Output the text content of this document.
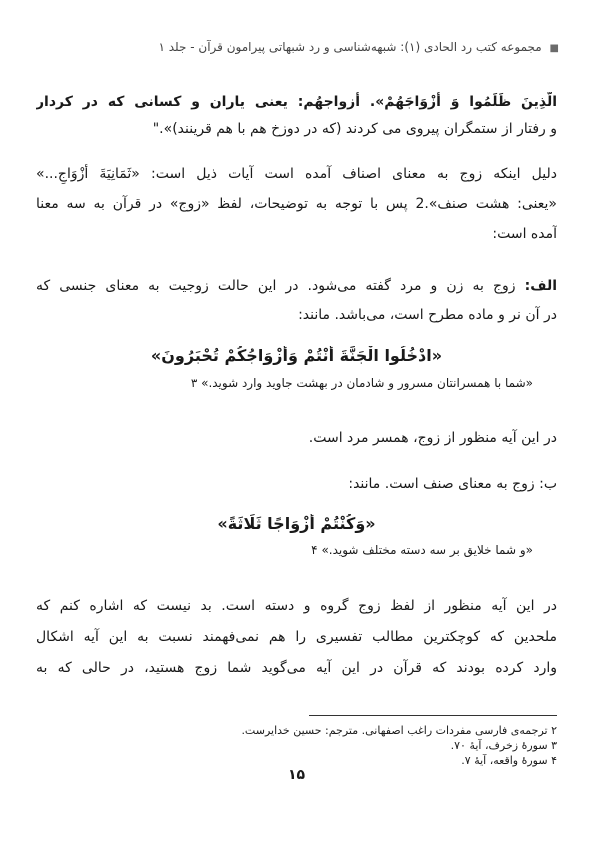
■ مجموعه کتب رد الحادی (۱): شبهه‌شناسی و رد شبهاتی پیرامون قرآن - جلد ۱
الَّذِينَ ظَلَمُوا وَ أَزْوَاجَهُمْ». أزواجهُم: یعنی یاران و کسانی که در کردار
و رفتار از ستمگران پیروی می کردند (که در دوزخ هم با هم قرینند)»."
دلیل اینکه زوج به معنای اصناف آمده است آیات ذیل است: «ثَمَانِيَةَ أَزْوَاجٍ...»
«یعنی: هشت صنف».2 پس با توجه به توضیحات، لفظ «زوج» در قرآن به سه معنا
آمده است:
الف: زوج به زن و مرد گفته می‌شود. در این حالت زوجیت به معنای جنسی که
در آن نر و ماده مطرح است، می‌باشد. مانند:
«ادْخُلُوا الْجَنَّةَ أَنْتُمْ وَأَزْوَاجُكُمْ تُحْبَرُونَ»
«شما با همسرانتان مسرور و شادمان در بهشت جاوید وارد شوید.» ۳
در این آیه منظور از زوج، همسر مرد است.
ب: زوج به معنای صنف است. مانند:
«وَكُنْتُمْ أَزْوَاجًا ثَلَاثَةً»
«و شما خلایق بر سه دسته مختلف شوید.» ۴
در این آیه منظور از لفظ زوج گروه و دسته است. بد نیست که اشاره کنم که
ملحدین که کوچکترین مطالب تفسیری را هم نمی‌فهمند نسبت به این آیه اشکال
وارد کرده بودند که قرآن در این آیه می‌گوید شما زوج هستید، در حالی که به
۲ ترجمه‌ی فارسی مفردات راغب اصفهانی. مترجم: حسین خدایرست.
۳ سورهٔ زخرف، آیهٔ ۷۰.
۴ سورهٔ واقعه، آیهٔ ۷.
۱۵
